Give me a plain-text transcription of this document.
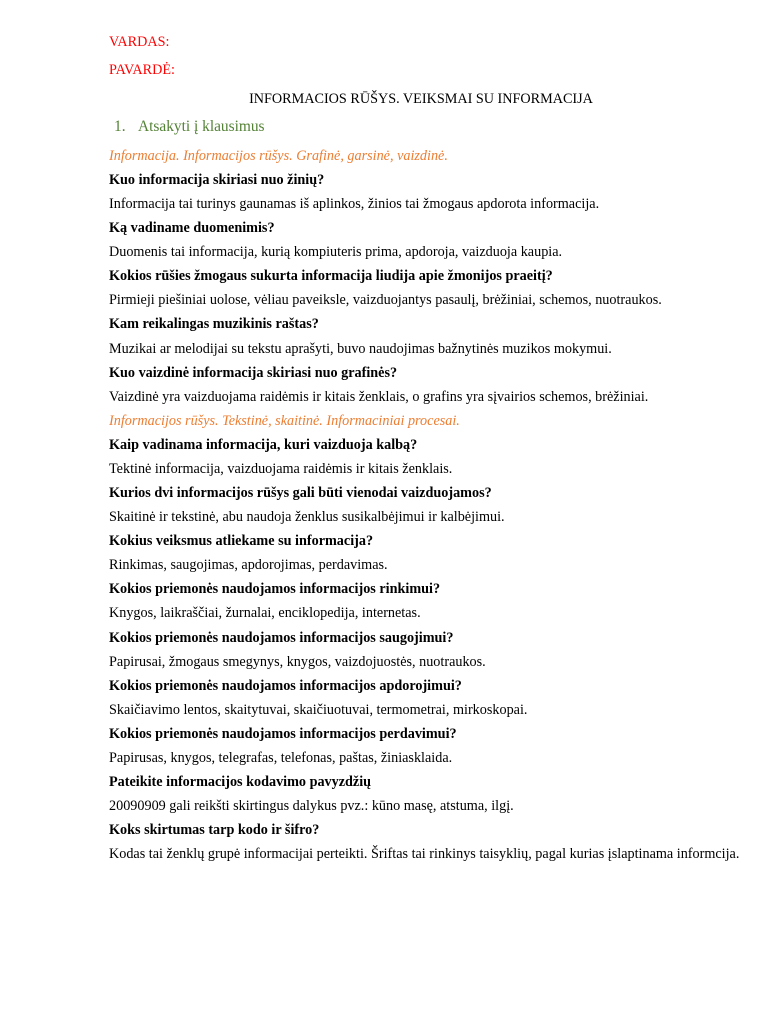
VARDAS:
PAVARDĖ:
INFORMACIOS RŪŠYS. VEIKSMAI SU INFORMACIJA
1. Atsakyti į klausimus
Informacija. Informacijos rūšys. Grafinė, garsinė, vaizdinė.
Kuo informacija skiriasi nuo žinių?
Informacija tai turinys gaunamas iš aplinkos, žinios tai žmogaus apdorota informacija.
Ką vadiname duomenimis?
Duomenis tai informacija, kurią kompiuteris prima, apdoroja, vaizduoja kaupia.
Kokios rūšies žmogaus sukurta informacija liudija apie žmonijos praeitį?
Pirmieji piešiniai uolose, vėliau paveiksle, vaizduojantys pasaulį, brėžiniai, schemos, nuotraukos.
Kam reikalingas muzikinis raštas?
Muzikai ar melodijai su tekstu aprašyti, buvo naudojimas bažnytinės muzikos mokymui.
Kuo vaizdinė informacija skiriasi nuo grafinės?
Vaizdinė yra vaizduojama raidėmis ir kitais ženklais, o grafins yra sįvairios schemos, brėžiniai.
Informacijos rūšys. Tekstinė, skaitinė. Informaciniai procesai.
Kaip vadinama informacija, kuri vaizduoja kalbą?
Tektinė informacija, vaizduojama raidėmis ir kitais ženklais.
Kurios dvi informacijos rūšys gali būti vienodai vaizduojamos?
Skaitinė ir tekstinė, abu naudoja ženklus susikalbėjimui ir kalbėjimui.
Kokius veiksmus atliekame su informacija?
Rinkimas, saugojimas, apdorojimas, perdavimas.
Kokios priemonės naudojamos informacijos rinkimui?
Knygos, laikraščiai, žurnalai, enciklopedija, internetas.
Kokios priemonės naudojamos informacijos saugojimui?
Papirusai, žmogaus smegynys, knygos, vaizdojuostės, nuotraukos.
Kokios priemonės naudojamos informacijos apdorojimui?
Skaičiavimo lentos, skaitytuvai, skaičiuotuvai, termometrai, mirkoskopai.
Kokios priemonės naudojamos informacijos perdavimui?
Papirusas, knygos, telegrafas, telefonas, paštas, žiniasklaida.
Pateikite informacijos kodavimo pavyzdžių
20090909 gali reikšti skirtingus dalykus pvz.: kūno masę, atstuma, ilgį.
Koks skirtumas tarp kodo ir šifro?
Kodas tai ženklų grupė informacijai perteikti. Šriftas tai rinkinys taisyklių, pagal kurias įslaptinama informcija.
